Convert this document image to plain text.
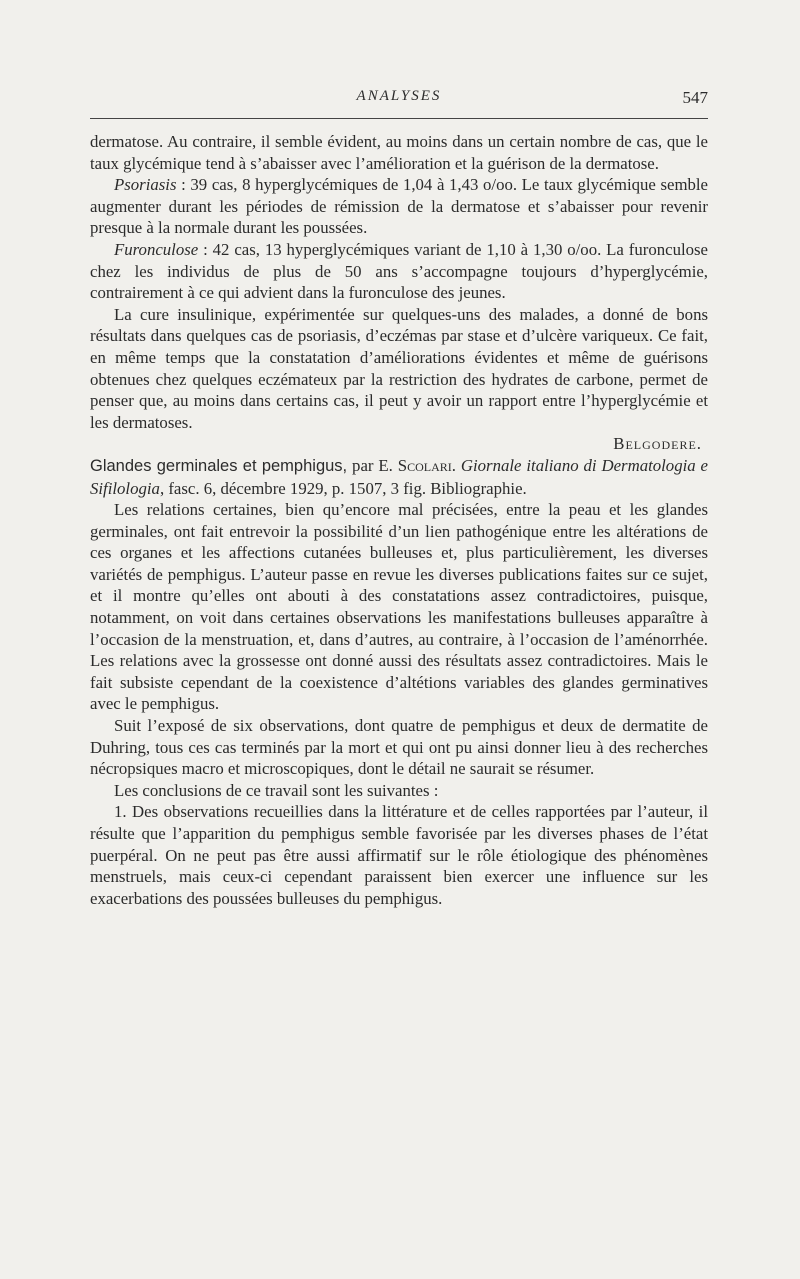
ANALYSES	547

dermatose. Au contraire, il semble évident, au moins dans un certain nombre de cas, que le taux glycémique tend à s’abaisser avec l’amélioration et la guérison de la dermatose.

Psoriasis : 39 cas, 8 hyperglycémiques de 1,04 à 1,43 o/oo. Le taux glycémique semble augmenter durant les périodes de rémission de la dermatose et s’abaisser pour revenir presque à la normale durant les poussées.

Furonculose : 42 cas, 13 hyperglycémiques variant de 1,10 à 1,30 o/oo. La furonculose chez les individus de plus de 50 ans s’accompagne toujours d’hyperglycémie, contrairement à ce qui advient dans la furonculose des jeunes.

La cure insulinique, expérimentée sur quelques-uns des malades, a donné de bons résultats dans quelques cas de psoriasis, d’eczémas par stase et d’ulcère variqueux. Ce fait, en même temps que la constatation d’améliorations évidentes et même de guérisons obtenues chez quelques eczémateux par la restriction des hydrates de carbone, permet de penser que, au moins dans certains cas, il peut y avoir un rapport entre l’hyperglycémie et les dermatoses.

Belgodere.

Glandes germinales et pemphigus, par E. Scolari. Giornale italiano di Dermatologia e Sifilologia, fasc. 6, décembre 1929, p. 1507, 3 fig. Bibliographie.

Les relations certaines, bien qu’encore mal précisées, entre la peau et les glandes germinales, ont fait entrevoir la possibilité d’un lien pathogénique entre les altérations de ces organes et les affections cutanées bulleuses et, plus particulièrement, les diverses variétés de pemphigus. L’auteur passe en revue les diverses publications faites sur ce sujet, et il montre qu’elles ont abouti à des constatations assez contradictoires, puisque, notamment, on voit dans certaines observations les manifestations bulleuses apparaître à l’occasion de la menstruation, et, dans d’autres, au contraire, à l’occasion de l’aménorrhée. Les relations avec la grossesse ont donné aussi des résultats assez contradictoires. Mais le fait subsiste cependant de la coexistence d’altétions variables des glandes germinatives avec le pemphigus.

Suit l’exposé de six observations, dont quatre de pemphigus et deux de dermatite de Duhring, tous ces cas terminés par la mort et qui ont pu ainsi donner lieu à des recherches nécropsiques macro et microscopiques, dont le détail ne saurait se résumer.

Les conclusions de ce travail sont les suivantes :

1. Des observations recueillies dans la littérature et de celles rapportées par l’auteur, il résulte que l’apparition du pemphigus semble favorisée par les diverses phases de l’état puerpéral. On ne peut pas être aussi affirmatif sur le rôle étiologique des phénomènes menstruels, mais ceux-ci cependant paraissent bien exercer une influence sur les exacerbations des poussées bulleuses du pemphigus.
